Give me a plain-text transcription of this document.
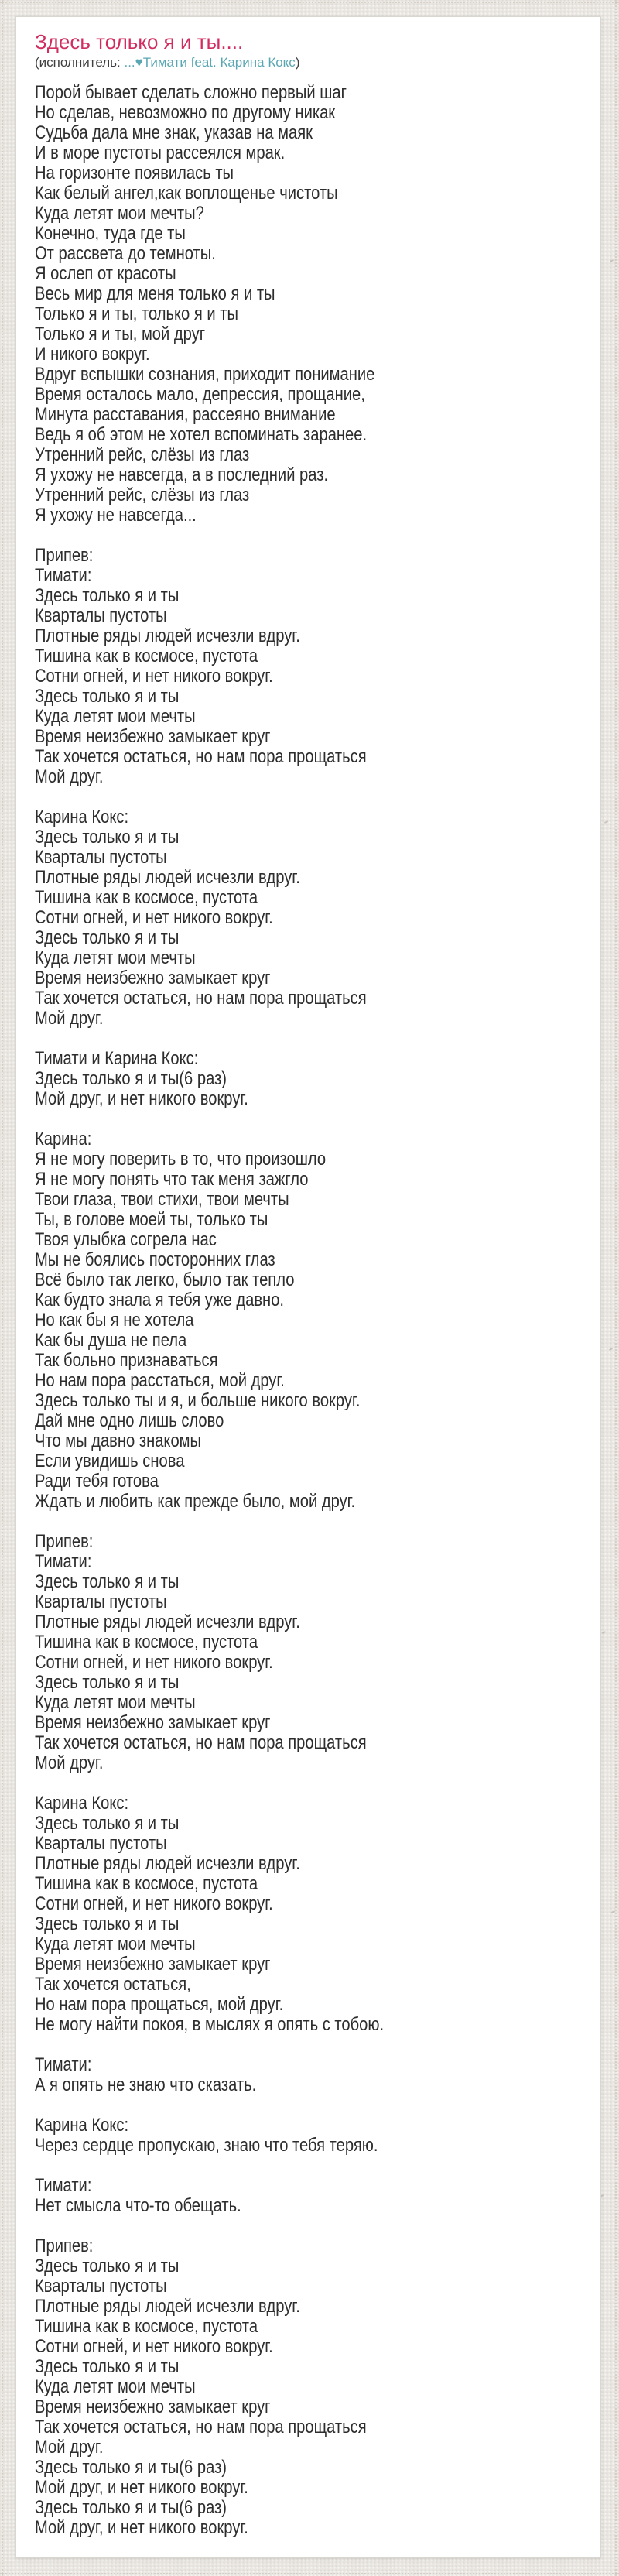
Здесь только я и ты....
(исполнитель: ...♥Тимати feat. Карина Кокс)
Порой бывает сделать сложно первый шаг
Но сделав, невозможно по другому никак
Судьба дала мне знак, указав на маяк
И в море пустоты рассеялся мрак.
На горизонте появилась ты
Как белый ангел,как воплощенье чистоты
Куда летят мои мечты?
Конечно, туда где ты
От рассвета до темноты.
Я ослеп от красоты
Весь мир для меня только я и ты
Только я и ты, только я и ты
Только я и ты, мой друг
И никого вокруг.
Вдруг вспышки сознания, приходит понимание
Время осталось мало, депрессия, прощание,
Минута расставания, рассеяно внимание
Ведь я об этом не хотел вспоминать заранее.
Утренний рейс, слёзы из глаз
Я ухожу не навсегда, а в последний раз.
Утренний рейс, слёзы из глаз
Я ухожу не навсегда...
Припев:
Тимати:
Здесь только я и ты
Кварталы пустоты
Плотные ряды людей исчезли вдруг.
Тишина как в космосе, пустота
Сотни огней, и нет никого вокруг.
Здесь только я и ты
Куда летят мои мечты
Время неизбежно замыкает круг
Так хочется остаться, но нам пора прощаться
Мой друг.
Карина Кокс:
Здесь только я и ты
Кварталы пустоты
Плотные ряды людей исчезли вдруг.
Тишина как в космосе, пустота
Сотни огней, и нет никого вокруг.
Здесь только я и ты
Куда летят мои мечты
Время неизбежно замыкает круг
Так хочется остаться, но нам пора прощаться
Мой друг.
Тимати и Карина Кокс:
Здесь только я и ты(6 раз)
Мой друг, и нет никого вокруг.
Карина:
Я не могу поверить в то, что произошло
Я не могу понять что так меня зажгло
Твои глаза, твои стихи, твои мечты
Ты, в голове моей ты, только ты
Твоя улыбка согрела нас
Мы не боялись посторонних глаз
Всё было так легко, было так тепло
Как будто знала я тебя уже давно.
Но как бы я не хотела
Как бы душа не пела
Так больно признаваться
Но нам пора расстаться, мой друг.
Здесь только ты и я, и больше никого вокруг.
Дай мне одно лишь слово
Что мы давно знакомы
Если увидишь снова
Ради тебя готова
Ждать и любить как прежде было, мой друг.
Припев:
Тимати:
Здесь только я и ты
Кварталы пустоты
Плотные ряды людей исчезли вдруг.
Тишина как в космосе, пустота
Сотни огней, и нет никого вокруг.
Здесь только я и ты
Куда летят мои мечты
Время неизбежно замыкает круг
Так хочется остаться, но нам пора прощаться
Мой друг.
Карина Кокс:
Здесь только я и ты
Кварталы пустоты
Плотные ряды людей исчезли вдруг.
Тишина как в космосе, пустота
Сотни огней, и нет никого вокруг.
Здесь только я и ты
Куда летят мои мечты
Время неизбежно замыкает круг
Так хочется остаться,
Но нам пора прощаться, мой друг.
Не могу найти покоя, в мыслях я опять с тобою.
Тимати:
А я опять не знаю что сказать.
Карина Кокс:
Через сердце пропускаю, знаю что тебя теряю.
Тимати:
Нет смысла что-то обещать.
Припев:
Здесь только я и ты
Кварталы пустоты
Плотные ряды людей исчезли вдруг.
Тишина как в космосе, пустота
Сотни огней, и нет никого вокруг.
Здесь только я и ты
Куда летят мои мечты
Время неизбежно замыкает круг
Так хочется остаться, но нам пора прощаться
Мой друг.
Здесь только я и ты(6 раз)
Мой друг, и нет никого вокруг.
Здесь только я и ты(6 раз)
Мой друг, и нет никого вокруг.
